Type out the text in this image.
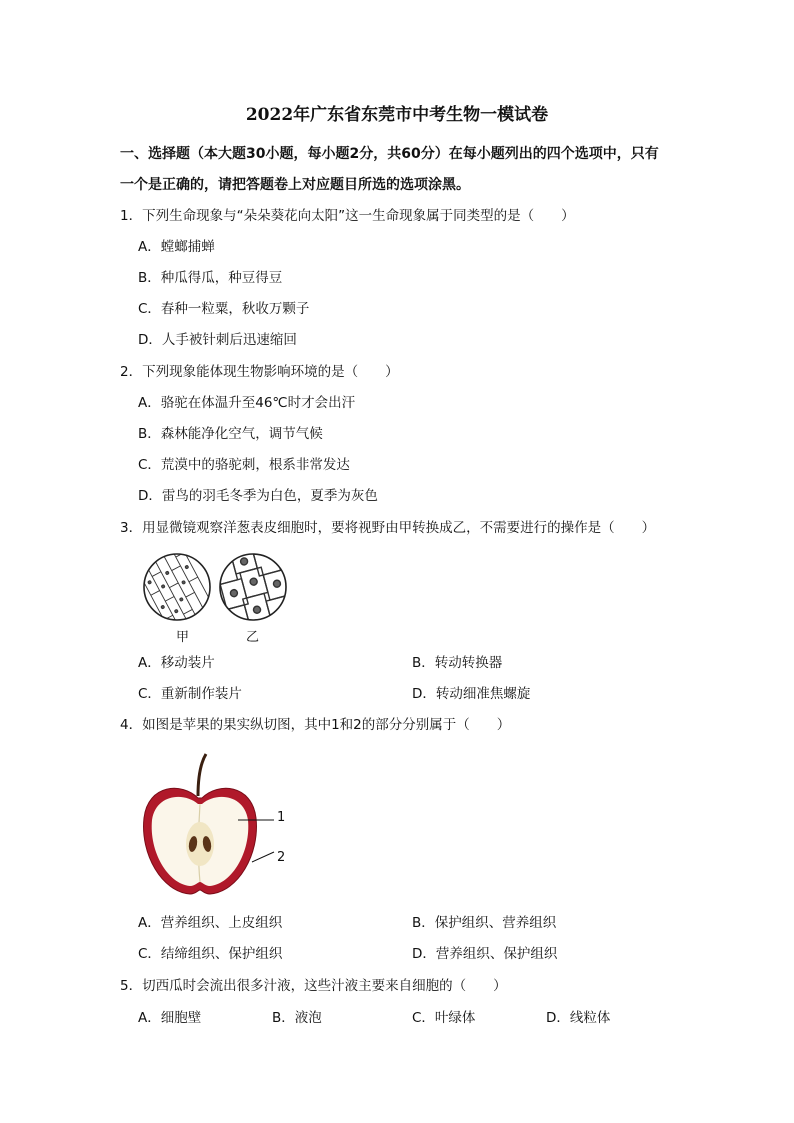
2022年广东省东莞市中考生物一模试卷
一、选择题（本大题30小题，每小题2分，共60分）在每小题列出的四个选项中，只有
一个是正确的，请把答题卷上对应题目所选的选项涂黑。
1．下列生命现象与“朵朵葵花向太阳”这一生命现象属于同类型的是（　　）
A．螳螂捕蝉
B．种瓜得瓜，种豆得豆
C．春种一粒粟，秋收万颗子
D．人手被针刺后迅速缩回
2．下列现象能体现生物影响环境的是（　　）
A．骆驼在体温升至46℃时才会出汗
B．森林能净化空气，调节气候
C．荒漠中的骆驼刺，根系非常发达
D．雷鸟的羽毛冬季为白色，夏季为灰色
3．用显微镜观察洋葱表皮细胞时，要将视野由甲转换成乙，不需要进行的操作是（　　）
甲	乙
A．移动装片	B．转动转换器
C．重新制作装片	D．转动细准焦螺旋
4．如图是苹果的果实纵切图，其中1和2的部分分别属于（　　）
1
2
A．营养组织、上皮组织	B．保护组织、营养组织
C．结缔组织、保护组织	D．营养组织、保护组织
5．切西瓜时会流出很多汁液，这些汁液主要来自细胞的（　　）
A．细胞壁	B．液泡	C．叶绿体	D．线粒体
